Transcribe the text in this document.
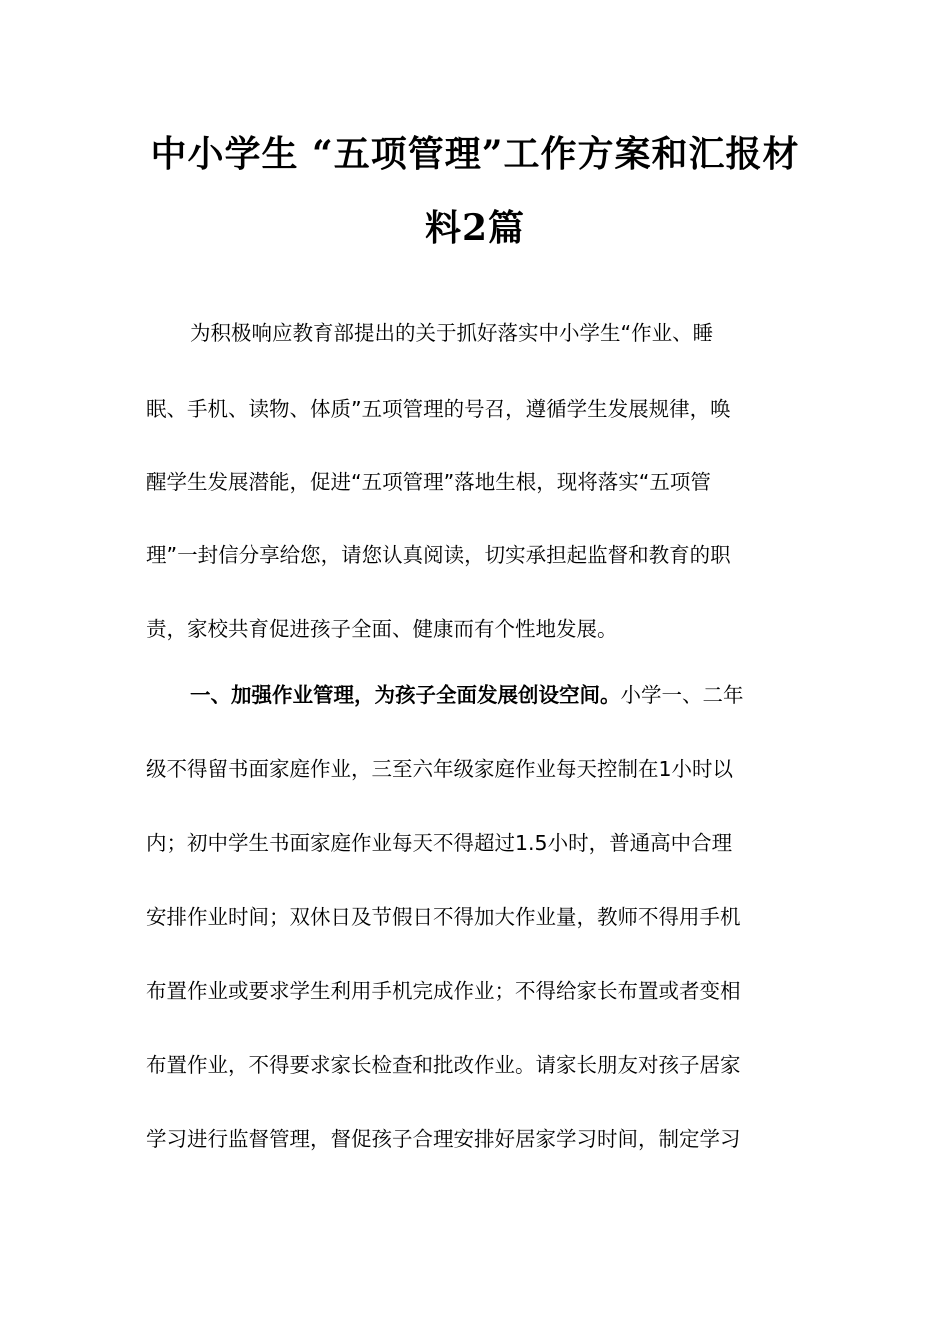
中小学生 “五项管理”工作方案和汇报材
料2篇

为积极响应教育部提出的关于抓好落实中小学生“作业、睡

眠、手机、读物、体质”五项管理的号召，遵循学生发展规律，唤

醒学生发展潜能，促进“五项管理”落地生根，现将落实“五项管

理”一封信分享给您，请您认真阅读，切实承担起监督和教育的职

责，家校共育促进孩子全面、健康而有个性地发展。

一、加强作业管理，为孩子全面发展创设空间。小学一、二年

级不得留书面家庭作业，三至六年级家庭作业每天控制在1小时以

内；初中学生书面家庭作业每天不得超过1.5小时，普通高中合理

安排作业时间；双休日及节假日不得加大作业量，教师不得用手机

布置作业或要求学生利用手机完成作业；不得给家长布置或者变相

布置作业，不得要求家长检查和批改作业。请家长朋友对孩子居家

学习进行监督管理，督促孩子合理安排好居家学习时间，制定学习
